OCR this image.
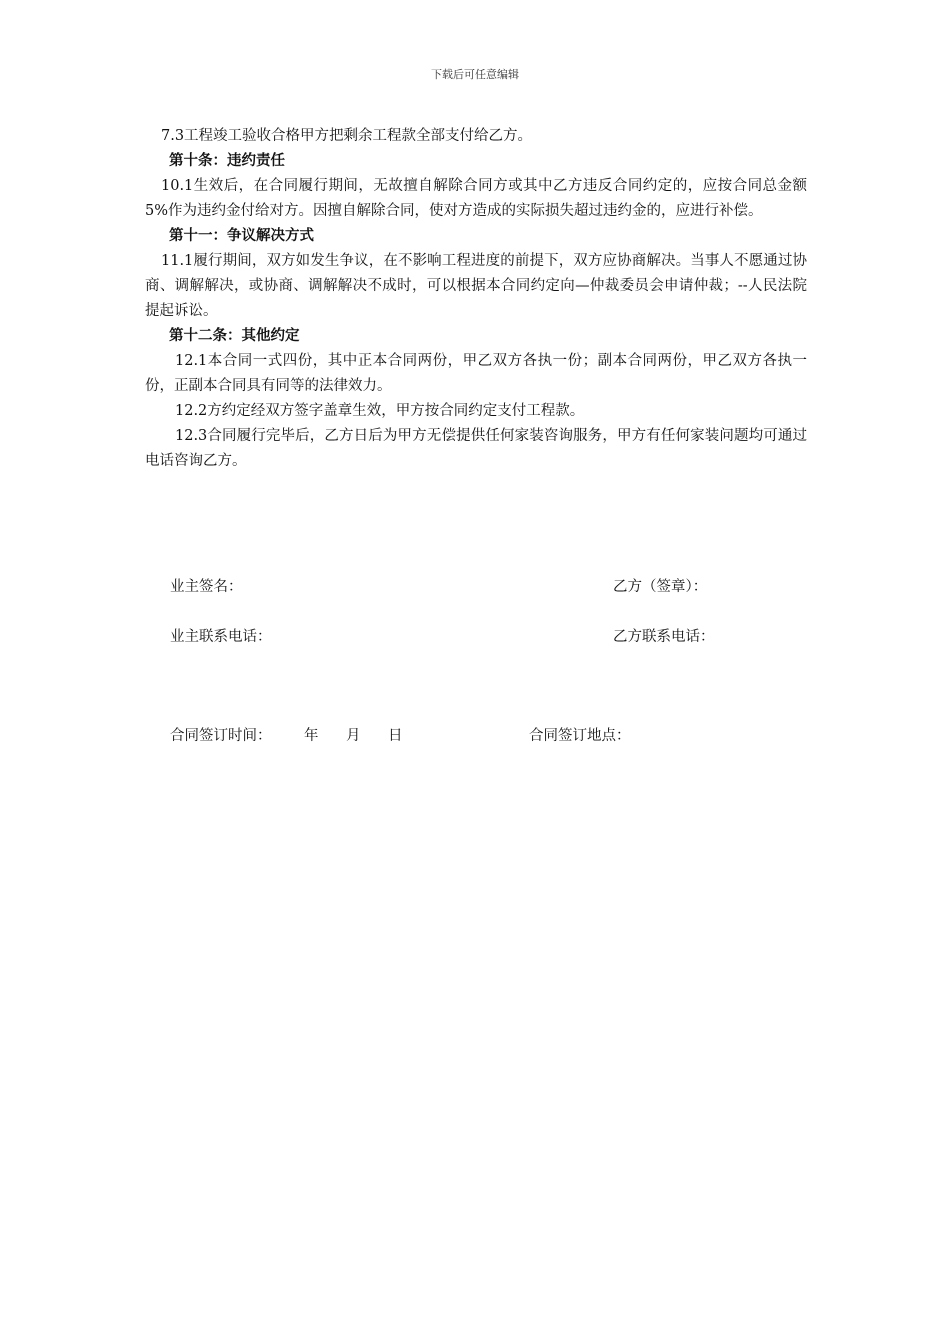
下载后可任意编辑

7.3工程竣工验收合格甲方把剩余工程款全部支付给乙方。

第十条：违约责任

10.1生效后，在合同履行期间，无故擅自解除合同方或其中乙方违反合同约定的，应按合同总金额5%作为违约金付给对方。因擅自解除合同，使对方造成的实际损失超过违约金的，应进行补偿。

第十一：争议解决方式

11.1履行期间，双方如发生争议，在不影响工程进度的前提下，双方应协商解决。当事人不愿通过协商、调解解决，或协商、调解解决不成时，可以根据本合同约定向—仲裁委员会申请仲裁；--人民法院提起诉讼。

第十二条：其他约定

12.1本合同一式四份，其中正本合同两份，甲乙双方各执一份；副本合同两份，甲乙双方各执一份，正副本合同具有同等的法律效力。

12.2方约定经双方签字盖章生效，甲方按合同约定支付工程款。

12.3合同履行完毕后，乙方日后为甲方无偿提供任何家装咨询服务，甲方有任何家装问题均可通过电话咨询乙方。

业主签名：	乙方（签章）：
业主联系电话：	乙方联系电话：
合同签订时间： 年 月 日	合同签订地点：
